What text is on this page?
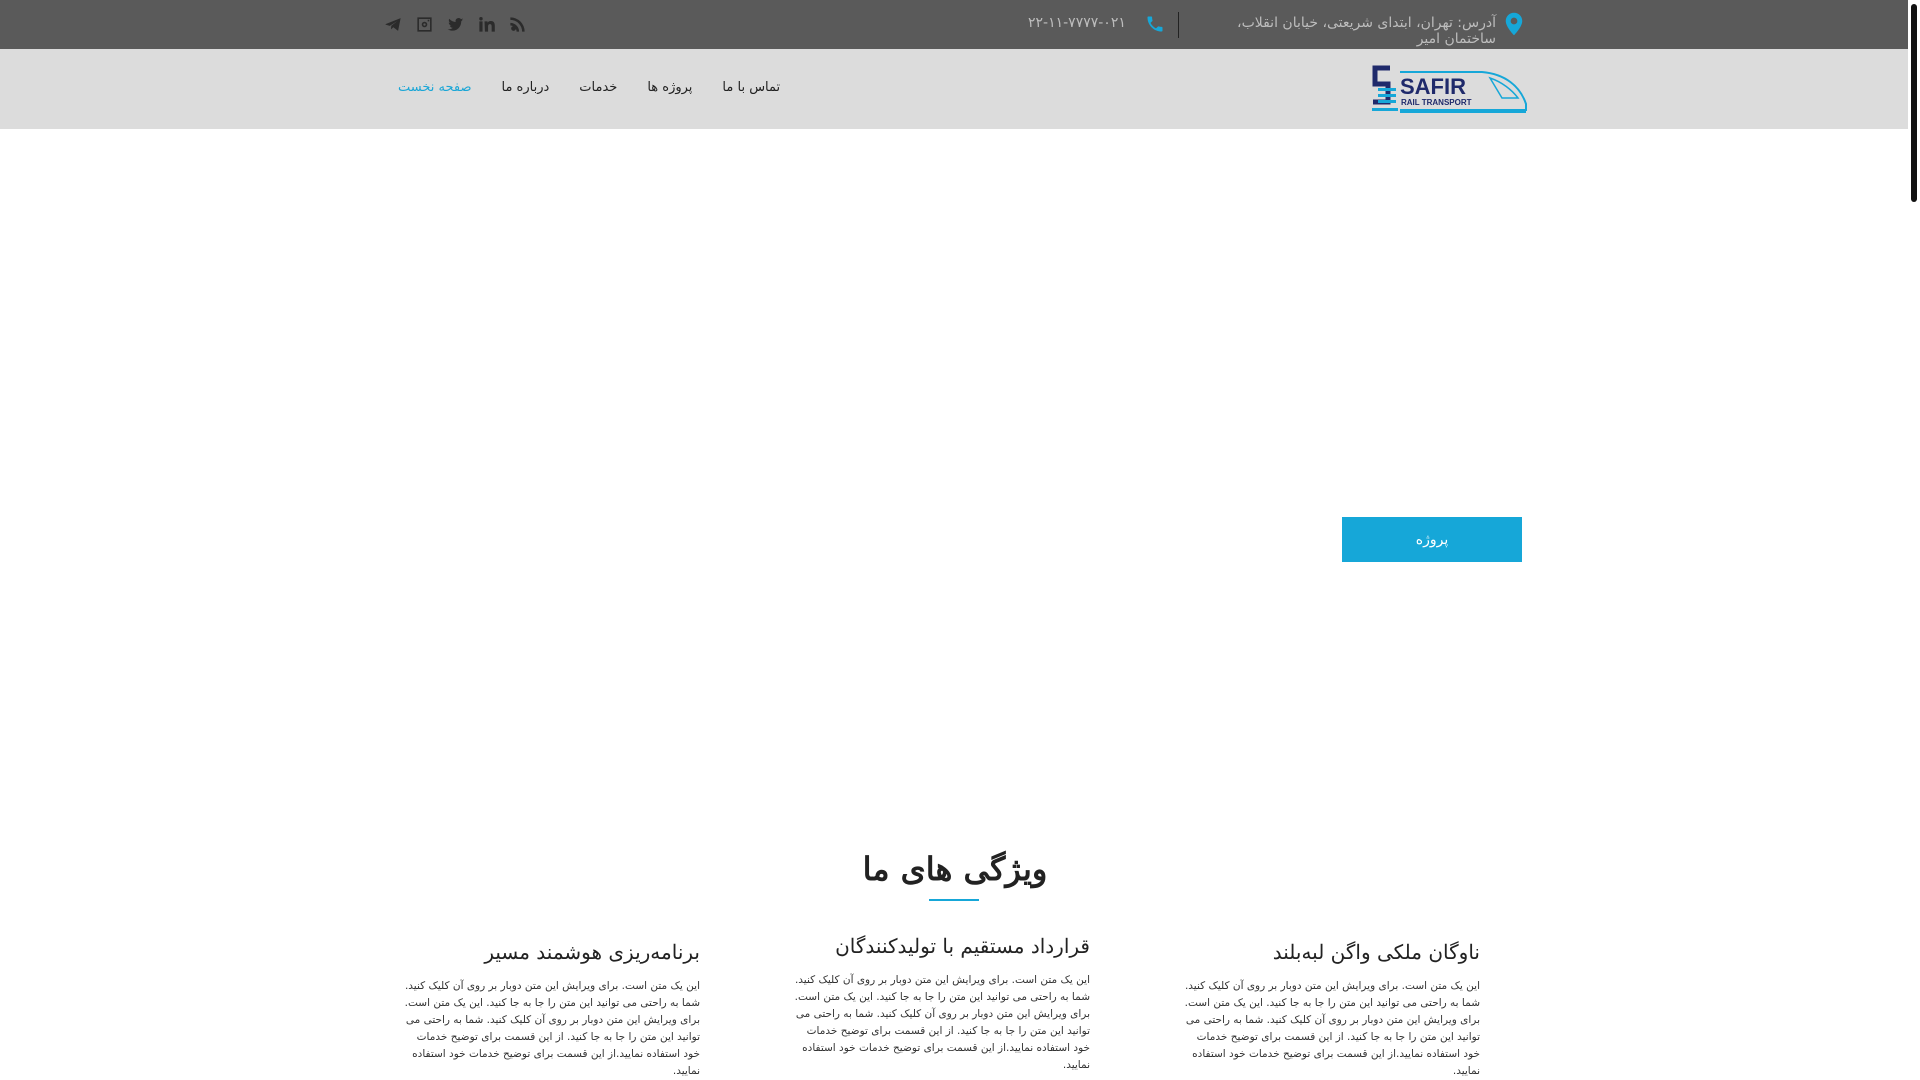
۲۲-۱۱-۷۷۷۷-۰۲۱	آدرس: تهران، ابتدای شریعتی، خیابان انقلاب، ساختمان امیر
صفحه نخست	درباره ما	خدمات	پروژه ها	تماس با ما	SAFIR
RAIL TRANSPORT
پروژه
ویژگی های ما
ناوگان ملکی واگن لبه‌بلند

این یک متن است. برای ویرایش این متن دوبار بر روی آن کلیک کنید. شما به راحتی می توانید این متن را جا به جا کنید. این یک متن است. برای ویرایش این متن دوبار بر روی آن کلیک کنید. شما به راحتی می توانید این متن را جا به جا کنید. از این قسمت برای توضیح خدمات خود استفاده نمایید.از این قسمت برای توضیح خدمات خود استفاده نمایید.

قرارداد مستقیم با تولیدکنندگان

این یک متن است. برای ویرایش این متن دوبار بر روی آن کلیک کنید. شما به راحتی می توانید این متن را جا به جا کنید. این یک متن است. برای ویرایش این متن دوبار بر روی آن کلیک کنید. شما به راحتی می توانید این متن را جا به جا کنید. از این قسمت برای توضیح خدمات خود استفاده نمایید.از این قسمت برای توضیح خدمات خود استفاده نمایید.

برنامه‌ریزی هوشمند مسیر

این یک متن است. برای ویرایش این متن دوبار بر روی آن کلیک کنید. شما به راحتی می توانید این متن را جا به جا کنید. این یک متن است. برای ویرایش این متن دوبار بر روی آن کلیک کنید. شما به راحتی می توانید این متن را جا به جا کنید. از این قسمت برای توضیح خدمات خود استفاده نمایید.از این قسمت برای توضیح خدمات خود استفاده نمایید.
